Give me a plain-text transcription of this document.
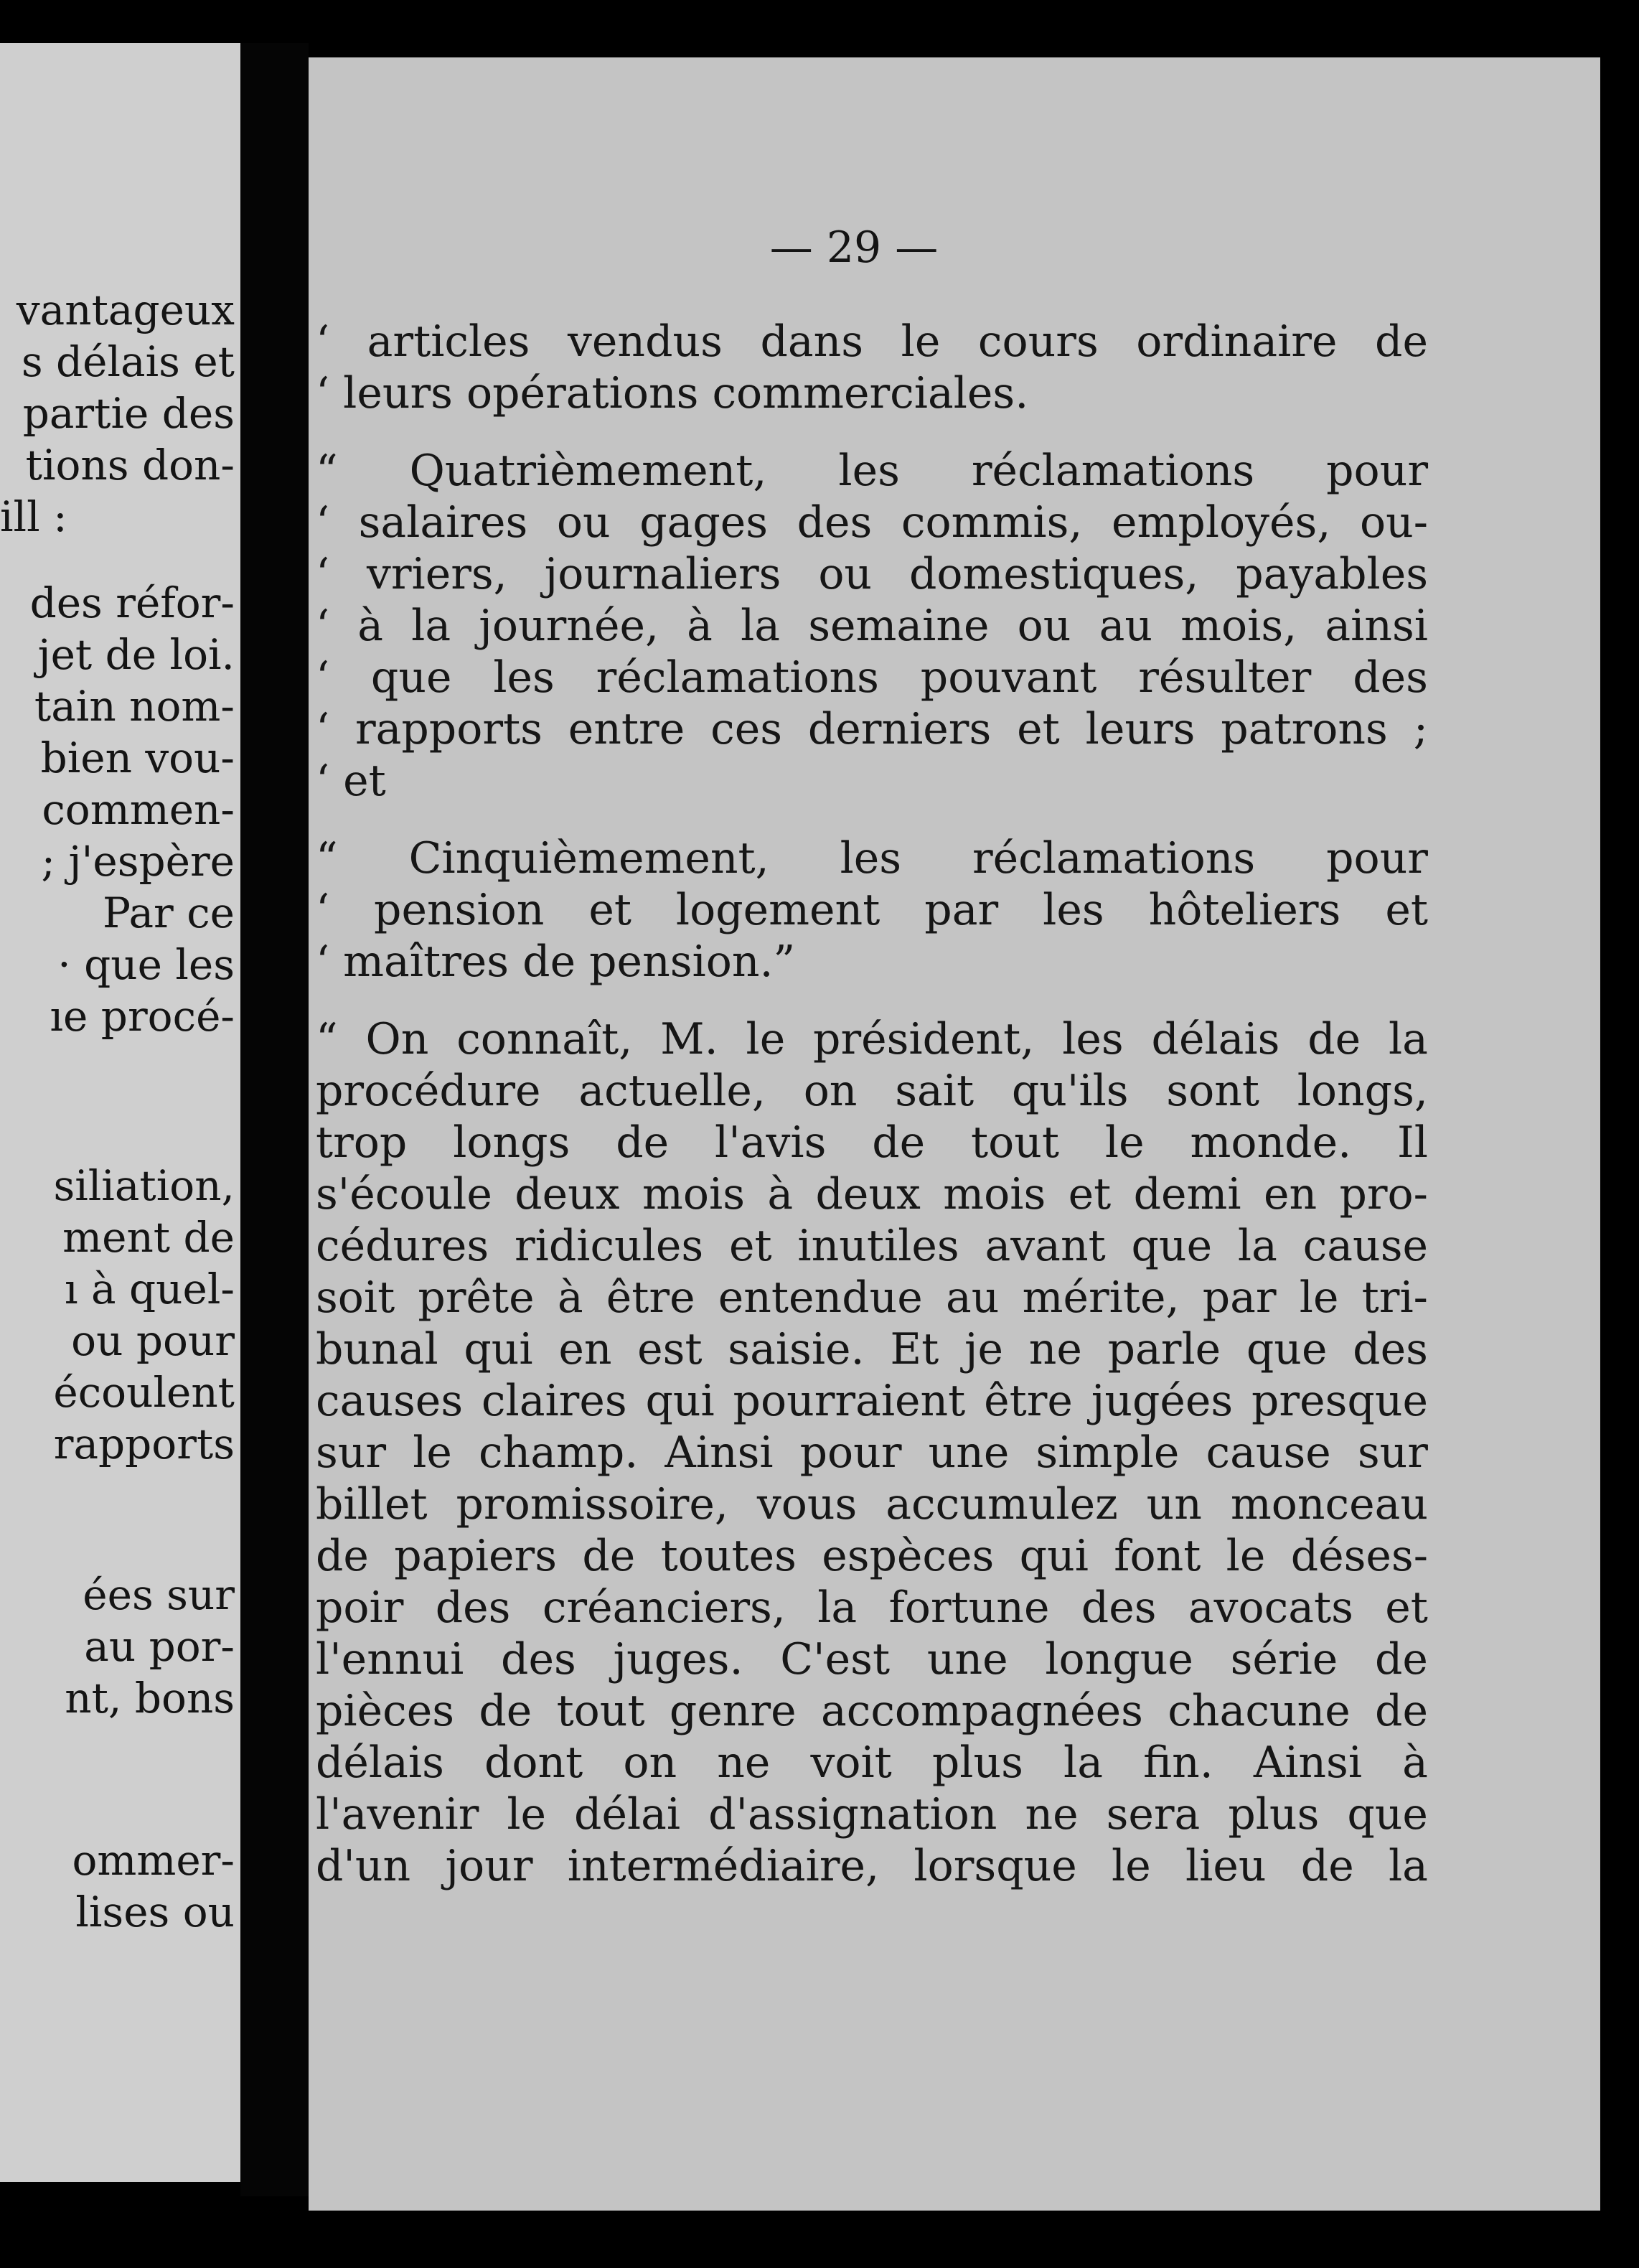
vantageux
s délais et
partie des
tions don-
ill :
des réfor-
jet de loi.
tain nom-
bien vou-
commen-
; j'espère
Par ce
· que les
ıe procé-
siliation,
ment de
ı à quel-
ou pour
écoulent
rapports
ées sur
au por-
nt, bons
ommer-
lises ou
— 29 —
‘ articles vendus dans le cours ordinaire de
‘ leurs opérations commerciales.
“ Quatrièmement, les réclamations pour
‘ salaires ou gages des commis, employés, ou-
‘ vriers, journaliers ou domestiques, payables
‘ à la journée, à la semaine ou au mois, ainsi
‘ que les réclamations pouvant résulter des
‘ rapports entre ces derniers et leurs patrons ;
‘ et
“ Cinquièmement, les réclamations pour
‘ pension et logement par les hôteliers et
‘ maîtres de pension.”
“ On connaît, M. le président, les délais de la
procédure actuelle, on sait qu'ils sont longs,
trop longs de l'avis de tout le monde. Il
s'écoule deux mois à deux mois et demi en pro-
cédures ridicules et inutiles avant que la cause
soit prête à être entendue au mérite, par le tri-
bunal qui en est saisie. Et je ne parle que des
causes claires qui pourraient être jugées presque
sur le champ. Ainsi pour une simple cause sur
billet promissoire, vous accumulez un monceau
de papiers de toutes espèces qui font le déses-
poir des créanciers, la fortune des avocats et
l'ennui des juges. C'est une longue série de
pièces de tout genre accompagnées chacune de
délais dont on ne voit plus la fin. Ainsi à
l'avenir le délai d'assignation ne sera plus que
d'un jour intermédiaire, lorsque le lieu de la
